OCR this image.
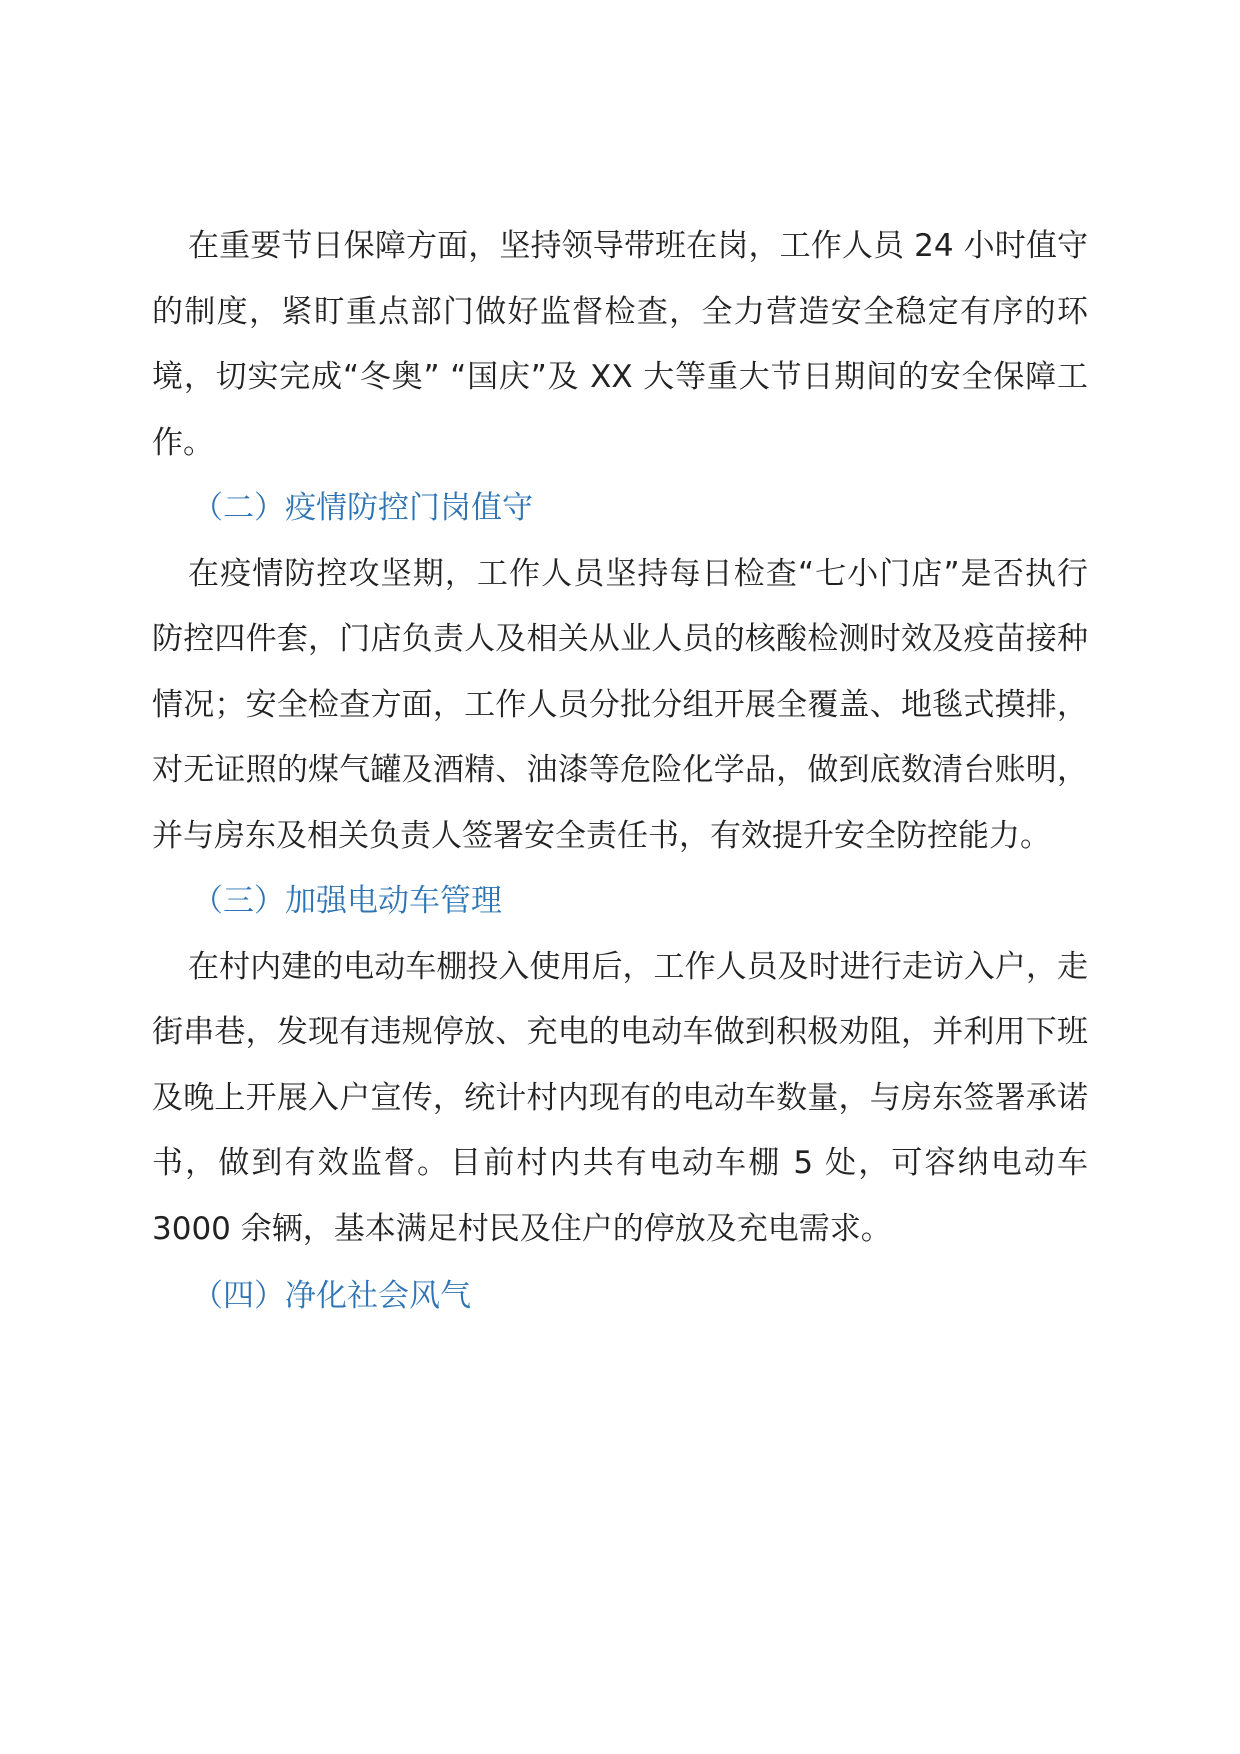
在重要节日保障方面，坚持领导带班在岗，工作人员 24 小时值守的制度，紧盯重点部门做好监督检查，全力营造安全稳定有序的环境，切实完成“冬奥” “国庆”及 XX 大等重大节日期间的安全保障工作。

（二）疫情防控门岗值守

在疫情防控攻坚期，工作人员坚持每日检查“七小门店”是否执行防控四件套，门店负责人及相关从业人员的核酸检测时效及疫苗接种情况；安全检查方面，工作人员分批分组开展全覆盖、地毯式摸排，对无证照的煤气罐及酒精、油漆等危险化学品，做到底数清台账明，并与房东及相关负责人签署安全责任书，有效提升安全防控能力。

（三）加强电动车管理

在村内建的电动车棚投入使用后，工作人员及时进行走访入户，走街串巷，发现有违规停放、充电的电动车做到积极劝阻，并利用下班及晚上开展入户宣传，统计村内现有的电动车数量，与房东签署承诺书，做到有效监督。目前村内共有电动车棚 5 处，可容纳电动车 3000 余辆，基本满足村民及住户的停放及充电需求。

（四）净化社会风气
